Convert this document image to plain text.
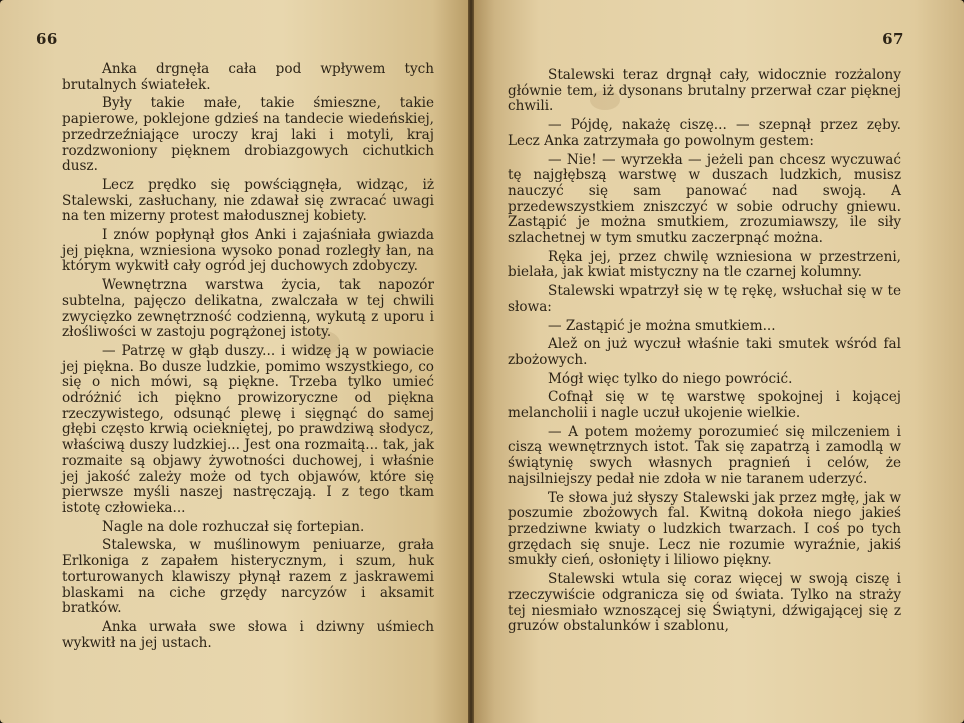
66

Anka drgnęła cała pod wpływem tych brutalnych światełek.

Były takie małe, takie śmieszne, takie papierowe, poklejone gdzieś na tandecie wiedeńskiej, przedrzeźniające uroczy kraj laki i motyli, kraj rozdzwoniony pięknem drobiazgowych cichutkich dusz.

Lecz prędko się powściągnęła, widząc, iż Stalewski, zasłuchany, nie zdawał się zwracać uwagi na ten mizerny protest małodusznej kobiety.

I znów popłynął głos Anki i zajaśniała gwiazda jej piękna, wzniesiona wysoko ponad rozległy łan, na którym wykwitł cały ogród jej duchowych zdobyczy.

Wewnętrzna warstwa życia, tak napozór subtelna, pajęczo delikatna, zwalczała w tej chwili zwycięzko zewnętrzność codzienną, wykutą z uporu i złośliwości w zastoju pogrążonej istoty.

— Patrzę w głąb duszy... i widzę ją w powiacie jej piękna. Bo dusze ludzkie, pomimo wszystkiego, co się o nich mówi, są piękne. Trzeba tylko umieć odróżnić ich piękno prowizoryczne od piękna rzeczywistego, odsunąć plewę i sięgnąć do samej głębi często krwią ociekniętej, po prawdziwą słodycz, właściwą duszy ludzkiej... Jest ona rozmaitą... tak, jak rozmaite są objawy żywotności duchowej, i właśnie jej jakość zależy może od tych objawów, które się pierwsze myśli naszej nastręczają. I z tego tkam istotę człowieka...

Nagle na dole rozhuczał się fortepian.

Stalewska, w muślinowym peniuarze, grała Erlkoniga z zapałem histerycznym, i szum, huk torturowanych klawiszy płynął razem z jaskrawemi blaskami na ciche grzędy narcyzów i aksamit bratków.

Anka urwała swe słowa i dziwny uśmiech wykwitł na jej ustach.

67

Stalewski teraz drgnął cały, widocznie rozżalony głównie tem, iż dysonans brutalny przerwał czar pięknej chwili.

— Pójdę, nakażę ciszę... — szepnął przez zęby. Lecz Anka zatrzymała go powolnym gestem:

— Nie! — wyrzekła — jeżeli pan chcesz wyczuwać tę najgłębszą warstwę w duszach ludzkich, musisz nauczyć się sam panować nad swoją. A przedewszystkiem zniszczyć w sobie odruchy gniewu. Zastąpić je można smutkiem, zrozumiawszy, ile siły szlachetnej w tym smutku zaczerpnąć można.

Ręka jej, przez chwilę wzniesiona w przestrzeni, bielała, jak kwiat mistyczny na tle czarnej kolumny.

Stalewski wpatrzył się w tę rękę, wsłuchał się w te słowa:

— Zastąpić je można smutkiem...

Alež on już wyczuł właśnie taki smutek wśród fal zbożowych.

Mógł więc tylko do niego powrócić.

Cofnął się w tę warstwę spokojnej i kojącej melancholii i nagle uczuł ukojenie wielkie.

— A potem możemy porozumieć się milczeniem i ciszą wewnętrznych istot. Tak się zapatrzą i zamodlą w świątynię swych własnych pragnień i celów, że najsilniejszy pedał nie zdoła w nie taranem uderzyć.

Te słowa już słyszy Stalewski jak przez mgłę, jak w poszumie zbożowych fal. Kwitną dokoła niego jakieś przedziwne kwiaty o ludzkich twarzach. I coś po tych grzędach się snuje. Lecz nie rozumie wyraźnie, jakiś smukły cień, osłonięty i liliowo piękny.

Stalewski wtula się coraz więcej w swoją ciszę i rzeczywiście odgranicza się od świata. Tylko na straży tej niesmiało wznoszącej się Świątyni, dźwigającej się z gruzów obstalunków i szablonu,
